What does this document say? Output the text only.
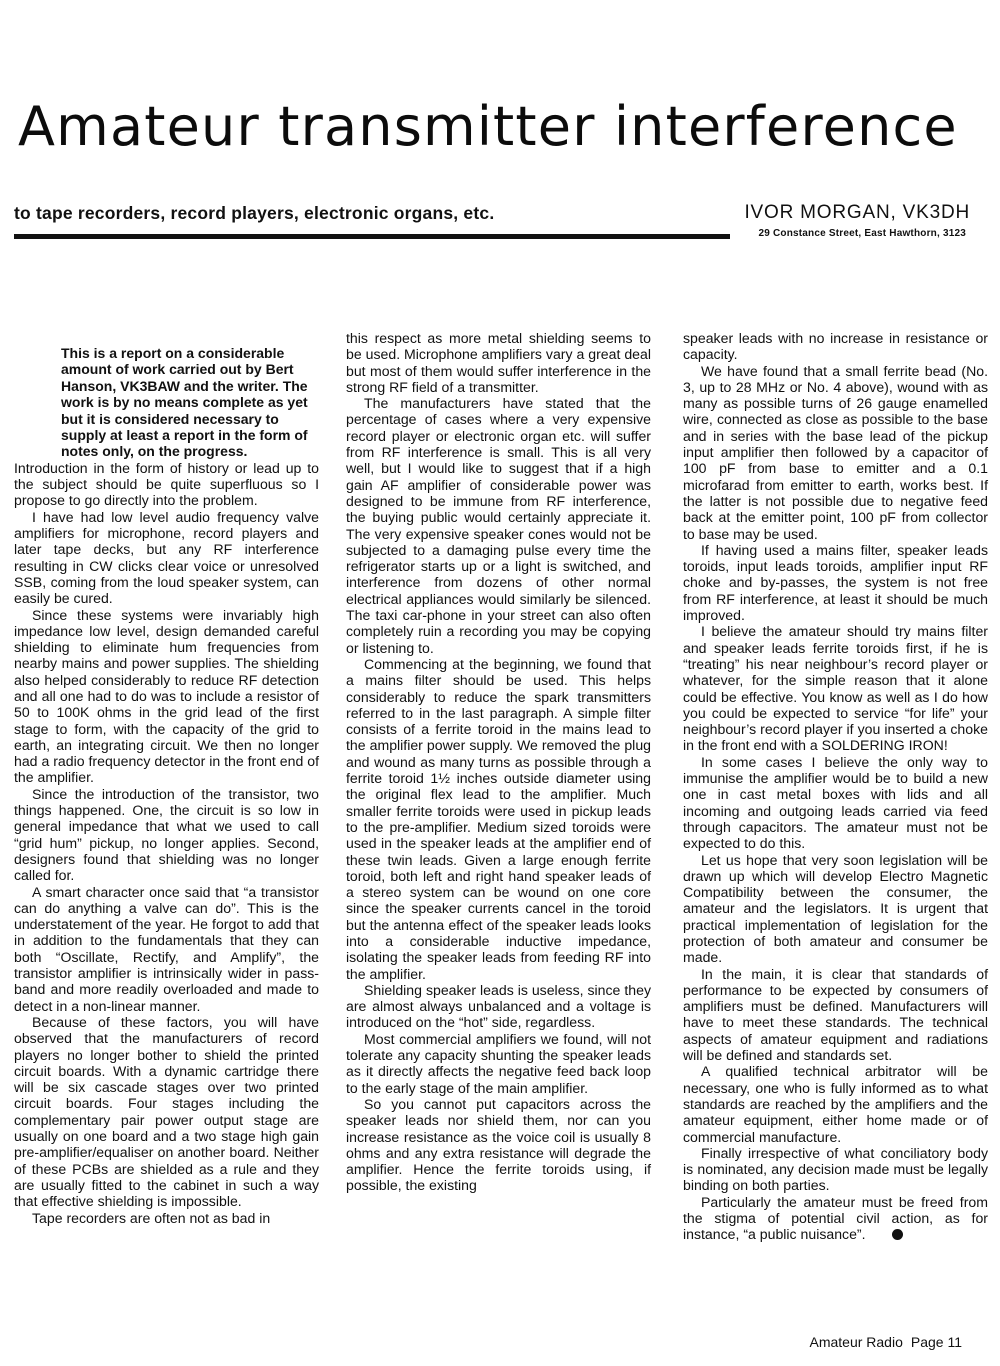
Amateur transmitter interference
to tape recorders, record players, electronic organs, etc.	IVOR MORGAN, VK3DH
29 Constance Street, East Hawthorn, 3123
This is a report on a considerable amount of work carried out by Bert Hanson, VK3BAW and the writer. The work is by no means complete as yet but it is considered necessary to supply at least a report in the form of notes only, on the progress.

Introduction in the form of history or lead up to the subject should be quite superfluous so I propose to go directly into the problem.

I have had low level audio frequency valve amplifiers for microphone, record players and later tape decks, but any RF interference resulting in CW clicks clear voice or unresolved SSB, coming from the loud speaker system, can easily be cured.

Since these systems were invariably high impedance low level, design demanded careful shielding to eliminate hum frequencies from nearby mains and power supplies. The shielding also helped considerably to reduce RF detection and all one had to do was to include a resistor of 50 to 100K ohms in the grid lead of the first stage to form, with the capacity of the grid to earth, an integrating circuit. We then no longer had a radio frequency detector in the front end of the amplifier.

Since the introduction of the transistor, two things happened. One, the circuit is so low in general impedance that what we used to call “grid hum” pickup, no longer applies. Second, designers found that shielding was no longer called for.

A smart character once said that “a transistor can do anything a valve can do”. This is the understatement of the year. He forgot to add that in addition to the fundamentals that they can both “Oscillate, Rectify, and Amplify”, the transistor amplifier is intrinsically wider in pass-band and more readily overloaded and made to detect in a non-linear manner.

Because of these factors, you will have observed that the manufacturers of record players no longer bother to shield the printed circuit boards. With a dynamic cartridge there will be six cascade stages over two printed circuit boards. Four stages including the complementary pair power output stage are usually on one board and a two stage high gain pre-amplifier/equaliser on another board. Neither of these PCBs are shielded as a rule and they are usually fitted to the cabinet in such a way that effective shielding is impossible.

Tape recorders are often not as bad in

this respect as more metal shielding seems to be used. Microphone amplifiers vary a great deal but most of them would suffer interference in the strong RF field of a transmitter.

The manufacturers have stated that the percentage of cases where a very expensive record player or electronic organ etc. will suffer from RF interference is small. This is all very well, but I would like to suggest that if a high gain AF amplifier of considerable power was designed to be immune from RF interference, the buying public would certainly appreciate it. The very expensive speaker cones would not be subjected to a damaging pulse every time the refrigerator starts up or a light is switched, and interference from dozens of other normal electrical appliances would similarly be silenced. The taxi car-phone in your street can also often completely ruin a recording you may be copying or listening to.

Commencing at the beginning, we found that a mains filter should be used. This helps considerably to reduce the spark transmitters referred to in the last paragraph. A simple filter consists of a ferrite toroid in the mains lead to the amplifier power supply. We removed the plug and wound as many turns as possible through a ferrite toroid 1½ inches outside diameter using the original flex lead to the amplifier. Much smaller ferrite toroids were used in pickup leads to the pre-amplifier. Medium sized toroids were used in the speaker leads at the amplifier end of these twin leads. Given a large enough ferrite toroid, both left and right hand speaker leads of a stereo system can be wound on one core since the speaker currents cancel in the toroid but the antenna effect of the speaker leads looks into a considerable inductive impedance, isolating the speaker leads from feeding RF into the amplifier.

Shielding speaker leads is useless, since they are almost always unbalanced and a voltage is introduced on the “hot” side, regardless.

Most commercial amplifiers we found, will not tolerate any capacity shunting the speaker leads as it directly affects the negative feed back loop to the early stage of the main amplifier.

So you cannot put capacitors across the speaker leads nor shield them, nor can you increase resistance as the voice coil is usually 8 ohms and any extra resistance will degrade the amplifier. Hence the ferrite toroids using, if possible, the existing

speaker leads with no increase in resistance or capacity.

We have found that a small ferrite bead (No. 3, up to 28 MHz or No. 4 above), wound with as many as possible turns of 26 gauge enamelled wire, connected as close as possible to the base and in series with the base lead of the pickup input amplifier then followed by a capacitor of 100 pF from base to emitter and a 0.1 microfarad from emitter to earth, works best. If the latter is not possible due to negative feed back at the emitter point, 100 pF from collector to base may be used.

If having used a mains filter, speaker leads toroids, input leads toroids, amplifier input RF choke and by-passes, the system is not free from RF interference, at least it should be much improved.

I believe the amateur should try mains filter and speaker leads ferrite toroids first, if he is “treating” his near neighbour’s record player or whatever, for the simple reason that it alone could be effective. You know as well as I do how you could be expected to service “for life” your neighbour’s record player if you inserted a choke in the front end with a SOLDERING IRON!

In some cases I believe the only way to immunise the amplifier would be to build a new one in cast metal boxes with lids and all incoming and outgoing leads carried via feed through capacitors. The amateur must not be expected to do this.

Let us hope that very soon legislation will be drawn up which will develop Electro Magnetic Compatibility between the consumer, the amateur and the legislators. It is urgent that practical implementation of legislation for the protection of both amateur and consumer be made.

In the main, it is clear that standards of performance to be expected by consumers of amplifiers must be defined. Manufacturers will have to meet these standards. The technical aspects of amateur equipment and radiations will be defined and standards set.

A qualified technical arbitrator will be necessary, one who is fully informed as to what standards are reached by the amplifiers and the amateur equipment, either home made or of commercial manufacture.

Finally irrespective of what conciliatory body is nominated, any decision made must be legally binding on both parties.

Particularly the amateur must be freed from the stigma of potential civil action, as for instance, “a public nuisance”.

Amateur Radio Page 11
